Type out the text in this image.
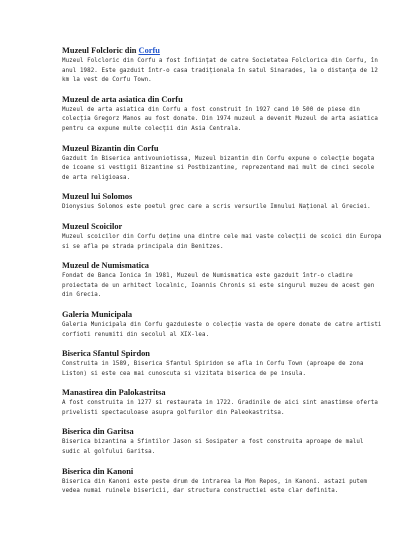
Muzeul Folcloric din Corfu

Muzeul Folcloric din Corfu a fost înființat de catre Societatea Folclorica din Corfu, în anul 1982. Este gazduit într-o casa tradiționala în satul Sinarades, la o distanța de 12 km la vest de Corfu Town.

Muzeul de arta asiatica din Corfu

Muzeul de arta asiatica din Corfu a fost construit în 1927 cand 10 500 de piese din colecția Gregorz Manos au fost donate. Din 1974 muzeul a devenit Muzeul de arta asiatica pentru ca expune multe colecții din Asia Centrala.

Muzeul Bizantin din Corfu

Gazduit în Biserica antivouniotissa, Muzeul bizantin din Corfu expune o colecție bogata de icoane si vestigii Bizantine si Postbizantine, reprezentand mai mult de cinci secole de arta religioasa.

Muzeul lui Solomos

Dionysius Solomos este poetul grec care a scris versurile Imnului Național al Greciei.

Muzeul Scoicilor

Muzeul scoicilor din Corfu deține una dintre cele mai vaste colecții de scoici din Europa si se afla pe strada principala din Benitzes.

Muzeul de Numismatica

Fondat de Banca Ionica în 1981, Muzeul de Numismatica este gazduit într-o cladire proiectata de un arhitect localnic, Ioannis Chronis si este singurul muzeu de acest gen din Grecia.

Galeria Municipala

Galeria Municipala din Corfu gazduieste o colecție vasta de opere donate de catre artisti corfioti renumiti din secolul al XIX-lea.

Biserica Sfantul Spirdon

Construita in 1589, Biserica Sfantul Spiridon se afla in Corfu Town (aproape de zona Liston) si este cea mai cunoscuta si vizitata biserica de pe insula.

Manastirea din Palokastritsa

A fost construita in 1277 si restaurata in 1722. Gradinile de aici sint anastimse oferta privelisti spectaculoase asupra golfurilor din Paleokastritsa.

Biserica din Garitsa

Biserica bizantina a Sfintilor Jason si Sosipater a fost construita aproape de malul sudic al golfului Garitsa.

Biserica din Kanoni

Biserica din Kanoni este peste drum de intrarea la Mon Repos, in Kanoni. astazi putem vedea numai ruinele bisericii, dar structura constructiei este clar definita.
